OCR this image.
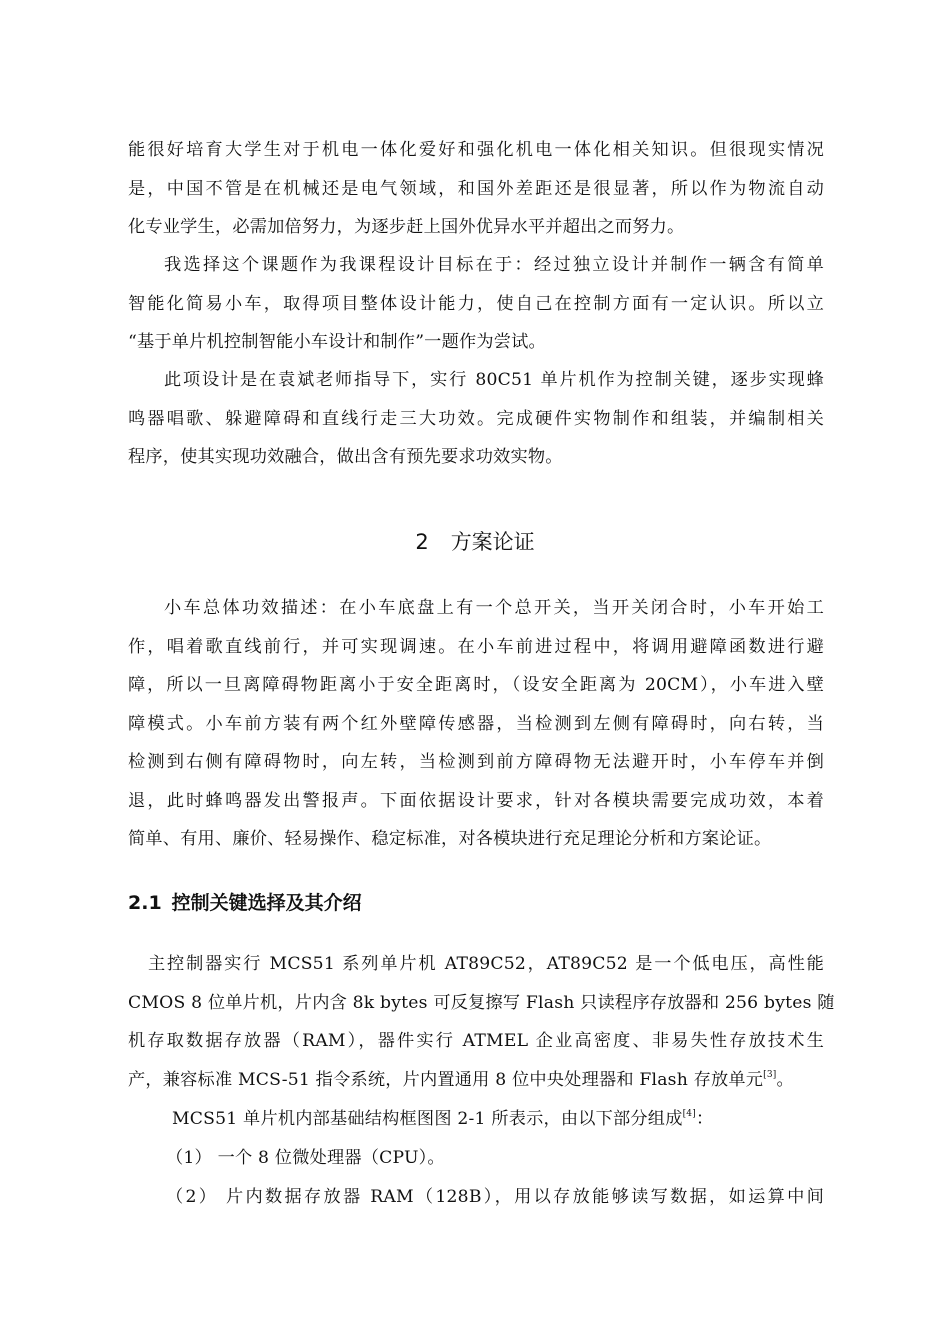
能很好培育大学生对于机电一体化爱好和强化机电一体化相关知识。但很现实情况
是，中国不管是在机械还是电气领域，和国外差距还是很显著，所以作为物流自动
化专业学生，必需加倍努力，为逐步赶上国外优异水平并超出之而努力。

我选择这个课题作为我课程设计目标在于：经过独立设计并制作一辆含有简单
智能化简易小车，取得项目整体设计能力，使自己在控制方面有一定认识。所以立
“基于单片机控制智能小车设计和制作”一题作为尝试。

此项设计是在袁斌老师指导下，实行 80C51 单片机作为控制关键，逐步实现蜂
鸣器唱歌、躲避障碍和直线行走三大功效。完成硬件实物制作和组装，并编制相关
程序，使其实现功效融合，做出含有预先要求功效实物。

2 方案论证

小车总体功效描述：在小车底盘上有一个总开关，当开关闭合时，小车开始工
作，唱着歌直线前行，并可实现调速。在小车前进过程中，将调用避障函数进行避
障，所以一旦离障碍物距离小于安全距离时，（设安全距离为 20CM），小车进入壁
障模式。小车前方装有两个红外壁障传感器，当检测到左侧有障碍时，向右转，当
检测到右侧有障碍物时，向左转，当检测到前方障碍物无法避开时，小车停车并倒
退，此时蜂鸣器发出警报声。下面依据设计要求，针对各模块需要完成功效，本着
简单、有用、廉价、轻易操作、稳定标准，对各模块进行充足理论分析和方案论证。

2.1 控制关键选择及其介绍

主控制器实行 MCS51 系列单片机 AT89C52，AT89C52 是一个低电压，高性能
CMOS 8 位单片机，片内含 8k bytes 可反复擦写 Flash 只读程序存放器和 256 bytes 随
机存取数据存放器（RAM），器件实行 ATMEL 企业高密度、非易失性存放技术生
产，兼容标准 MCS-51 指令系统，片内置通用 8 位中央处理器和 Flash 存放单元[3]。

MCS51 单片机内部基础结构框图图 2-1 所表示，由以下部分组成[4]：

（1） 一个 8 位微处理器（CPU）。

（2） 片内数据存放器 RAM（128B），用以存放能够读写数据，如运算中间
